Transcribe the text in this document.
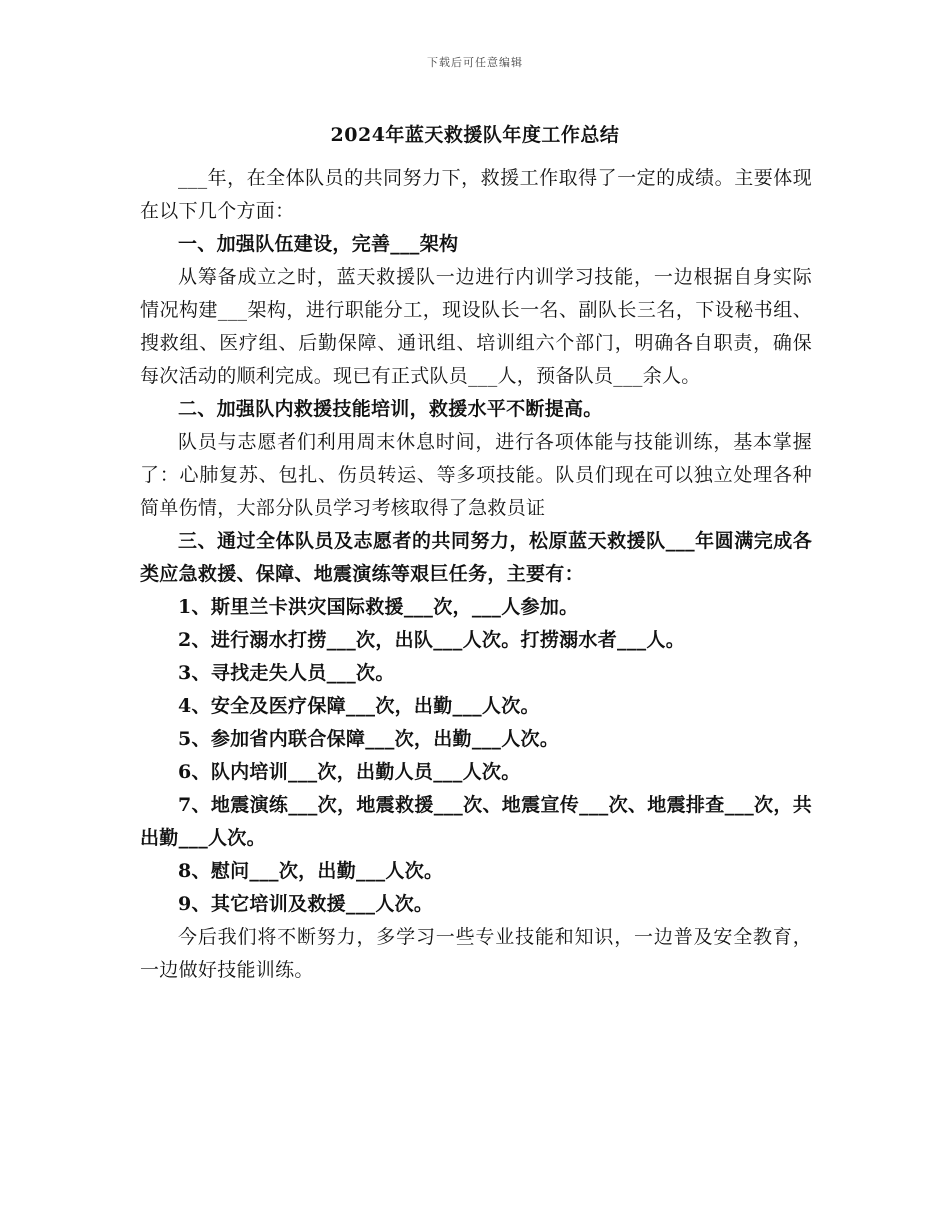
下载后可任意编辑
2024年蓝天救援队年度工作总结

___年，在全体队员的共同努力下，救援工作取得了一定的成绩。主要体现在以下几个方面：

一、加强队伍建设，完善___架构

从筹备成立之时，蓝天救援队一边进行内训学习技能，一边根据自身实际情况构建___架构，进行职能分工，现设队长一名、副队长三名，下设秘书组、搜救组、医疗组、后勤保障、通讯组、培训组六个部门，明确各自职责，确保每次活动的顺利完成。现已有正式队员___人，预备队员___余人。

二、加强队内救援技能培训，救援水平不断提高。

队员与志愿者们利用周末休息时间，进行各项体能与技能训练，基本掌握了：心肺复苏、包扎、伤员转运、等多项技能。队员们现在可以独立处理各种简单伤情，大部分队员学习考核取得了急救员证

三、通过全体队员及志愿者的共同努力，松原蓝天救援队___年圆满完成各类应急救援、保障、地震演练等艰巨任务，主要有：

1、斯里兰卡洪灾国际救援___次，___人参加。

2、进行溺水打捞___次，出队___人次。打捞溺水者___人。

3、寻找走失人员___次。

4、安全及医疗保障___次，出勤___人次。

5、参加省内联合保障___次，出勤___人次。

6、队内培训___次，出勤人员___人次。

7、地震演练___次，地震救援___次、地震宣传___次、地震排查___次，共出勤___人次。

8、慰问___次，出勤___人次。

9、其它培训及救援___人次。

今后我们将不断努力，多学习一些专业技能和知识，一边普及安全教育，一边做好技能训练。
